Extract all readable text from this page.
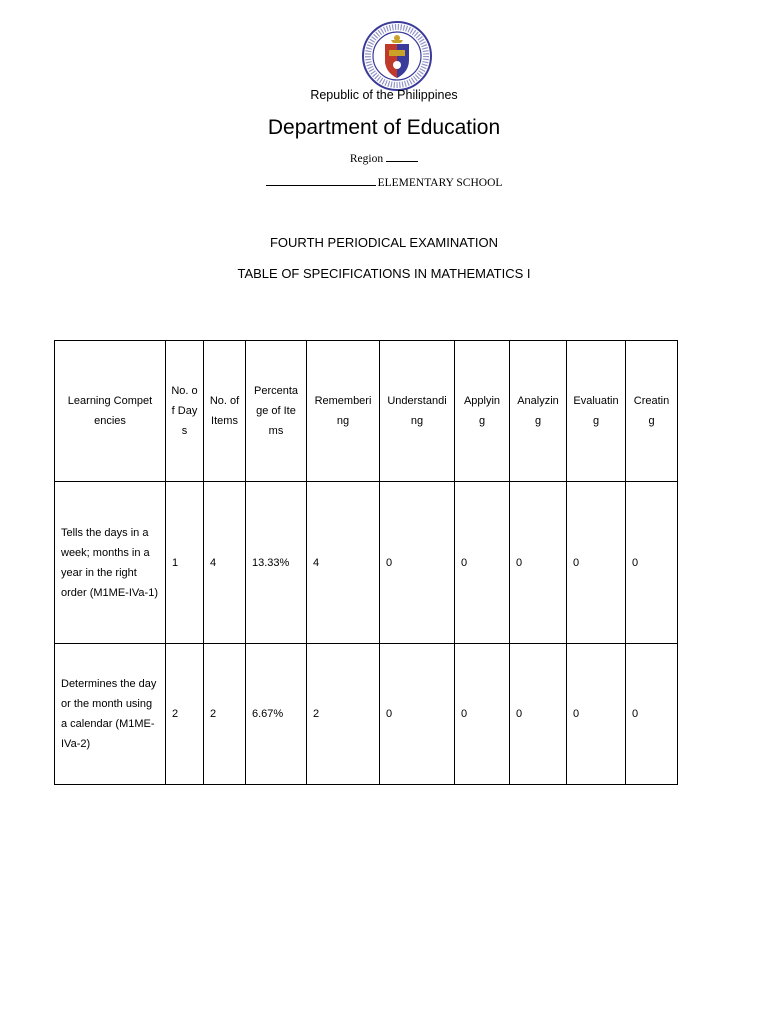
Republic of the Philippines
Department of Education
Region
ELEMENTARY SCHOOL
FOURTH PERIODICAL EXAMINATION
TABLE OF SPECIFICATIONS IN MATHEMATICS I
Learning Competencies	No. of Days	No. of Items	Percentage of Items	Remembering	Understanding	Applying	Analyzing	Evaluating	Creating
Tells the days in a week; months in a year in the right order (M1ME-IVa-1)	1	4	13.33%	4	0	0	0	0	0
Determines the day or the month using a calendar (M1ME-IVa-2)	2	2	6.67%	2	0	0	0	0	0
